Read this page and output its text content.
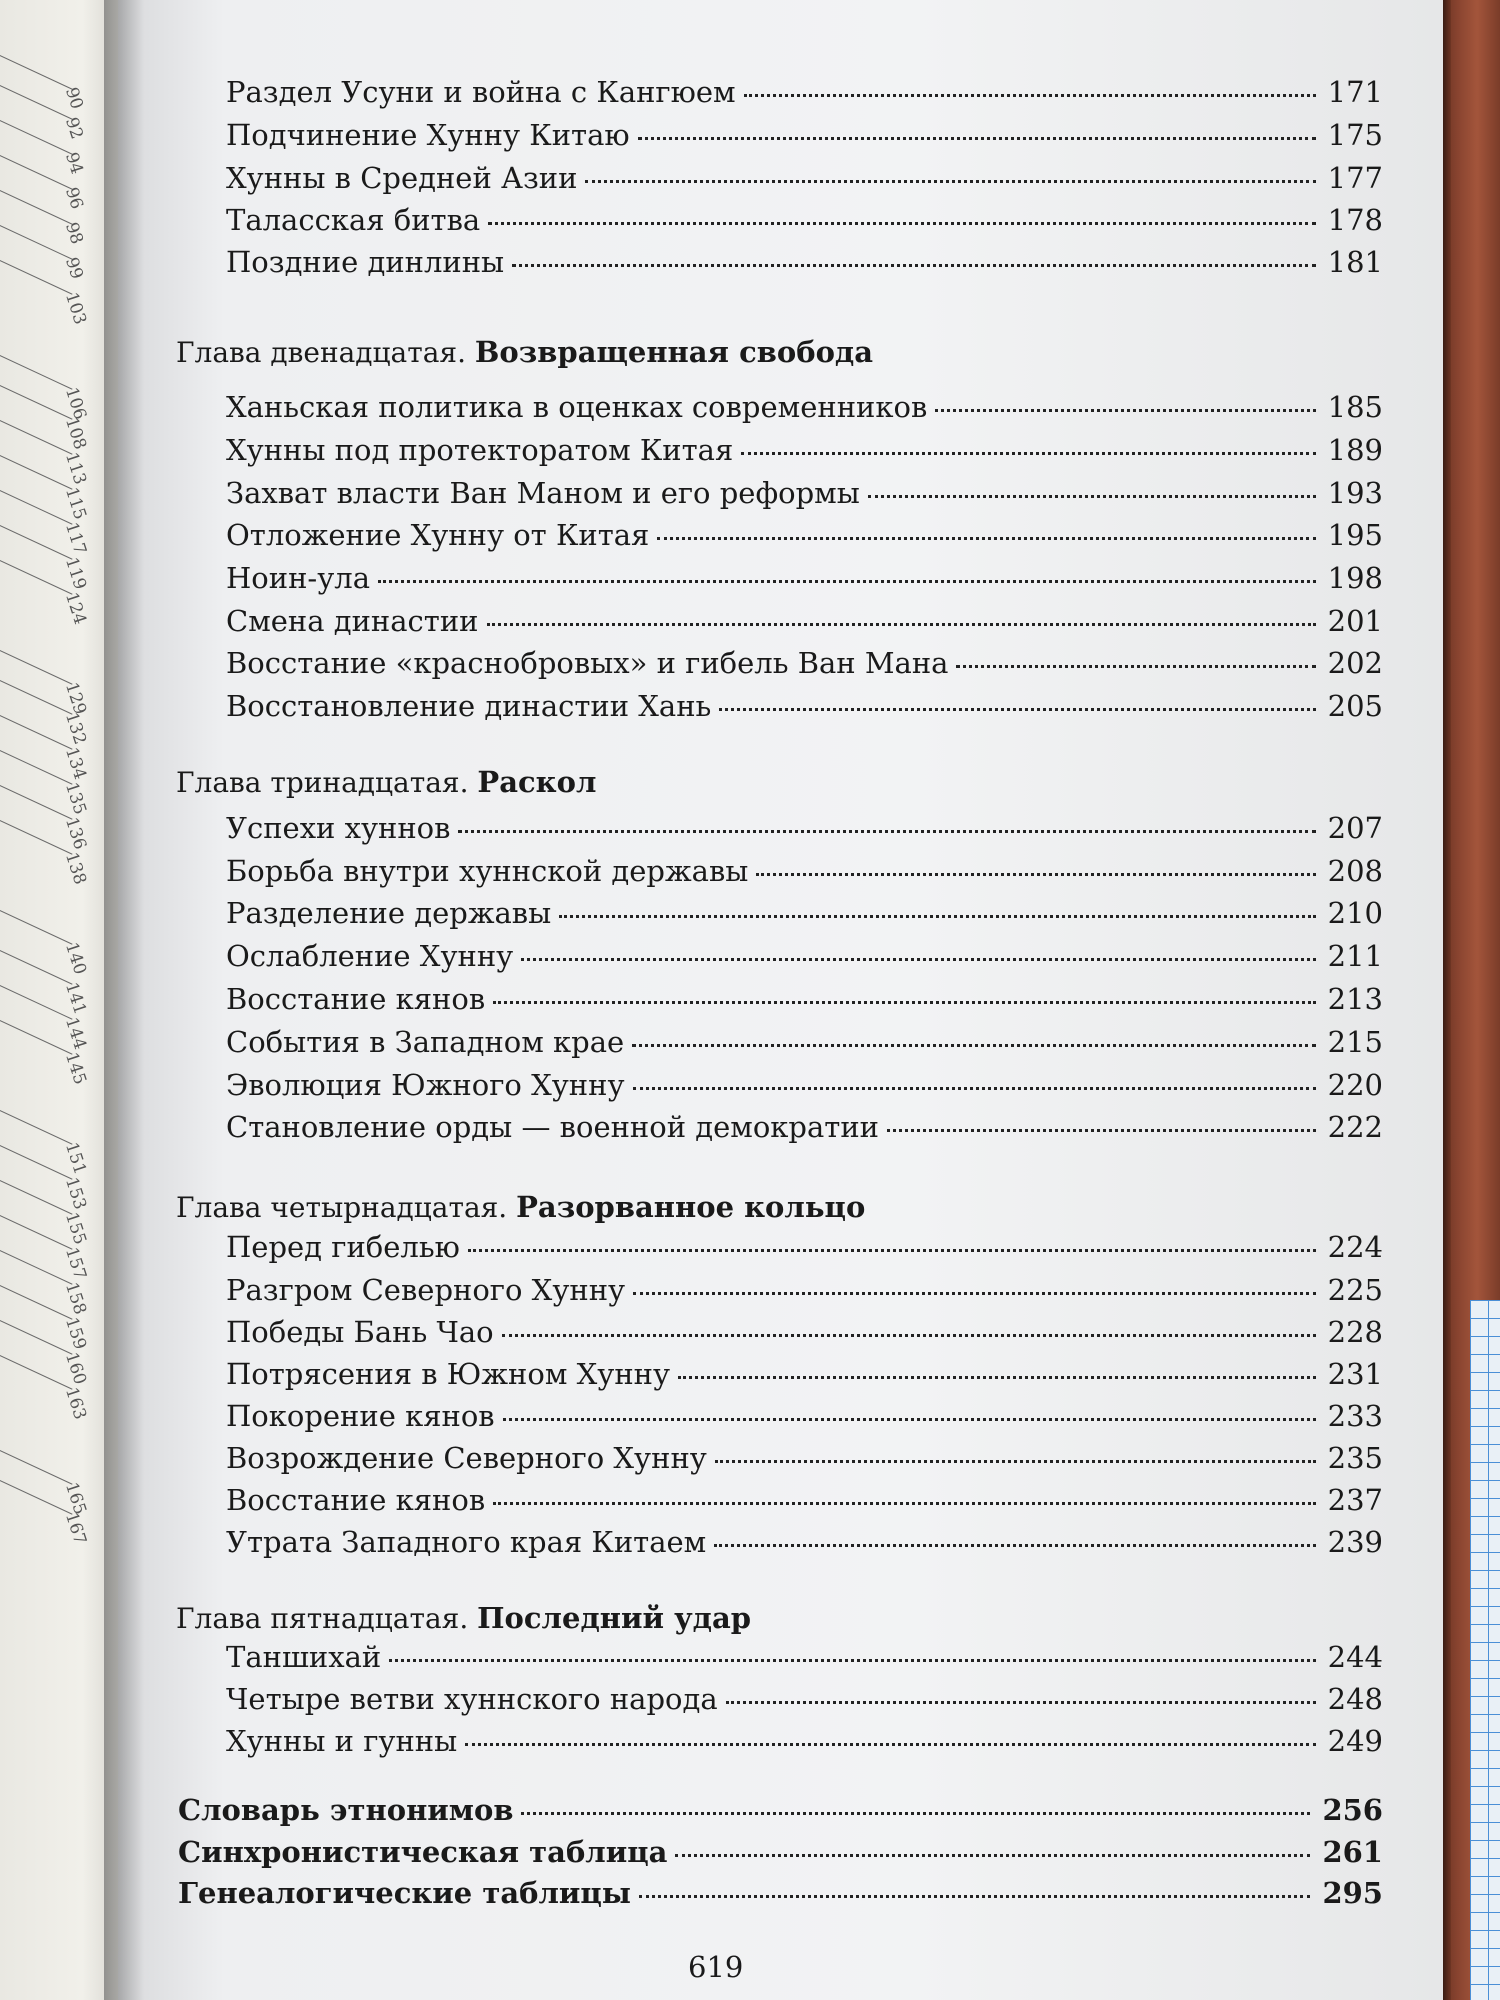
90
92
94
96
98
99
103
106
108
113
115
117
119
124
129
132
134
135
136
138
140
141
144
145
151
153
155
157
158
159
160
163
165
167
Раздел Усуни и война с Кангюем	171
Подчинение Хунну Китаю	175
Хунны в Средней Азии	177
Таласская битва	178
Поздние динлины	181
Глава двенадцатая. Возвращенная свобода
Ханьская политика в оценках современников	185
Хунны под протекторатом Китая	189
Захват власти Ван Маном и его реформы	193
Отложение Хунну от Китая	195
Ноин-ула	198
Смена династии	201
Восстание «краснобровых» и гибель Ван Мана	202
Восстановление династии Хань	205
Глава тринадцатая. Раскол
Успехи хуннов	207
Борьба внутри хуннской державы	208
Разделение державы	210
Ослабление Хунну	211
Восстание кянов	213
События в Западном крае	215
Эволюция Южного Хунну	220
Становление орды — военной демократии	222
Глава четырнадцатая. Разорванное кольцо
Перед гибелью	224
Разгром Северного Хунну	225
Победы Бань Чао	228
Потрясения в Южном Хунну	231
Покорение кянов	233
Возрождение Северного Хунну	235
Восстание кянов	237
Утрата Западного края Китаем	239
Глава пятнадцатая. Последний удар
Таншихай	244
Четыре ветви хуннского народа	248
Хунны и гунны	249
Словарь этнонимов	256
Синхронистическая таблица	261
Генеалогические таблицы	295
619
